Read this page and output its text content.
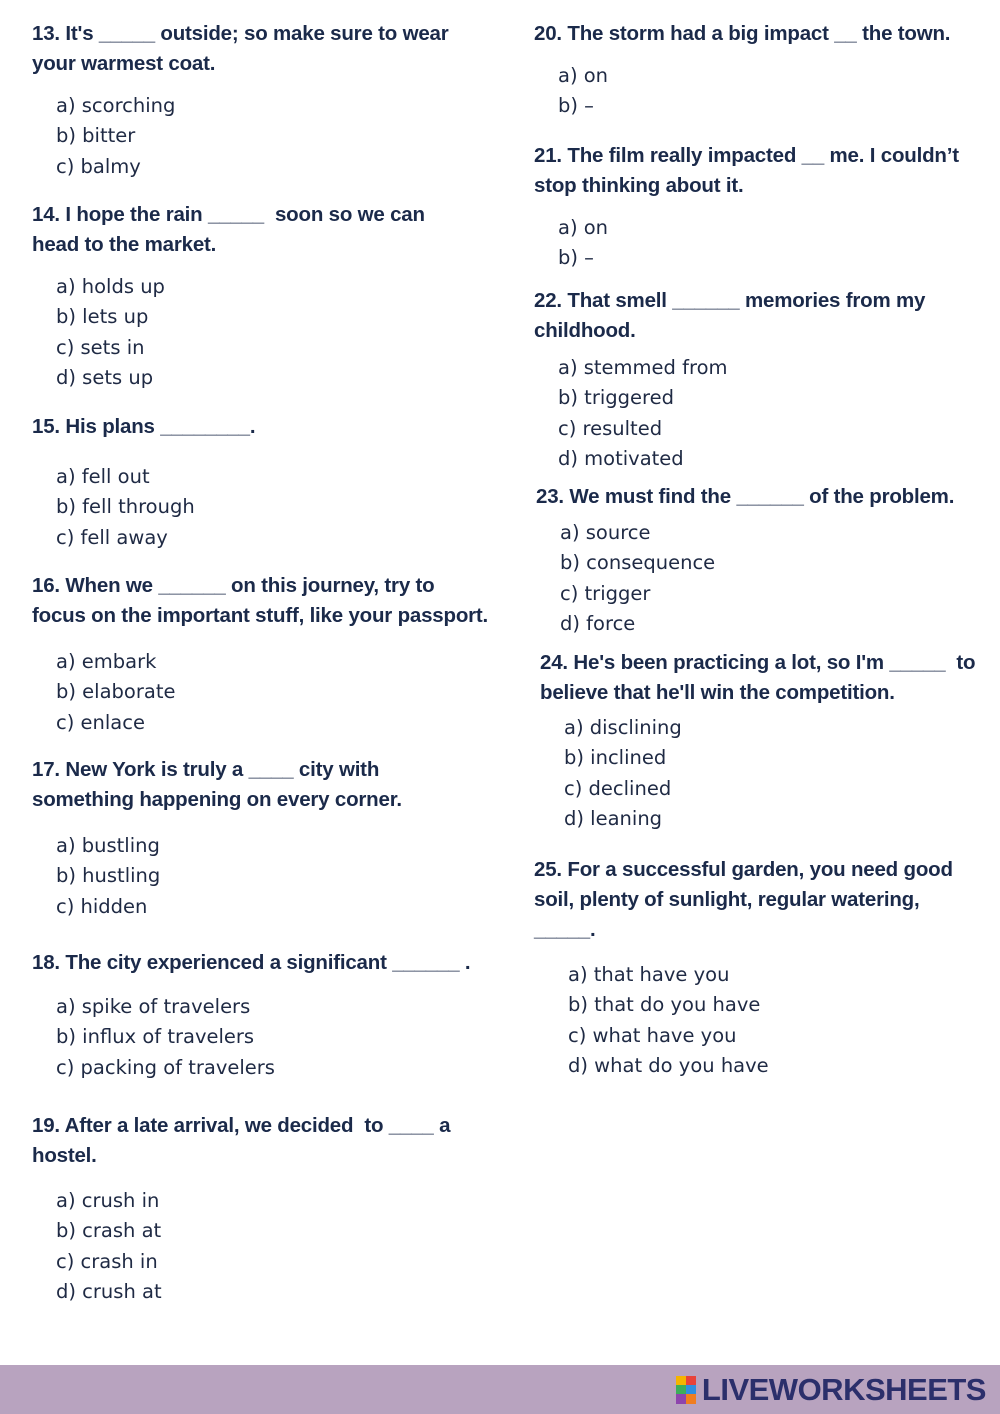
13. It's _____ outside; so make sure to wear
your warmest coat.
a) scorching
b) bitter
c) balmy
14. I hope the rain _____  soon so we can
head to the market.
a) holds up
b) lets up
c) sets in
d) sets up
15. His plans ________.
a) fell out
b) fell through
c) fell away
16. When we ______ on this journey, try to
focus on the important stuff, like your passport.
a) embark
b) elaborate
c) enlace
17. New York is truly a ____ city with
something happening on every corner.
a) bustling
b) hustling
c) hidden
18. The city experienced a significant ______ .
a) spike of travelers
b) influx of travelers
c) packing of travelers
19. After a late arrival, we decided  to ____ a
hostel.
a) crush in
b) crash at
c) crash in
d) crush at
20. The storm had a big impact __ the town.
a) on
b) –
21. The film really impacted __ me. I couldn’t
stop thinking about it.
a) on
b) –
22. That smell ______ memories from my
childhood.
a) stemmed from
b) triggered
c) resulted
d) motivated
23. We must find the ______ of the problem.
a) source
b) consequence
c) trigger
d) force
24. He's been practicing a lot, so I'm _____  to
believe that he'll win the competition.
a) disclining
b) inclined
c) declined
d) leaning
25. For a successful garden, you need good
soil, plenty of sunlight, regular watering,
_____.
a) that have you
b) that do you have
c) what have you
d) what do you have
LIVEWORKSHEETS
